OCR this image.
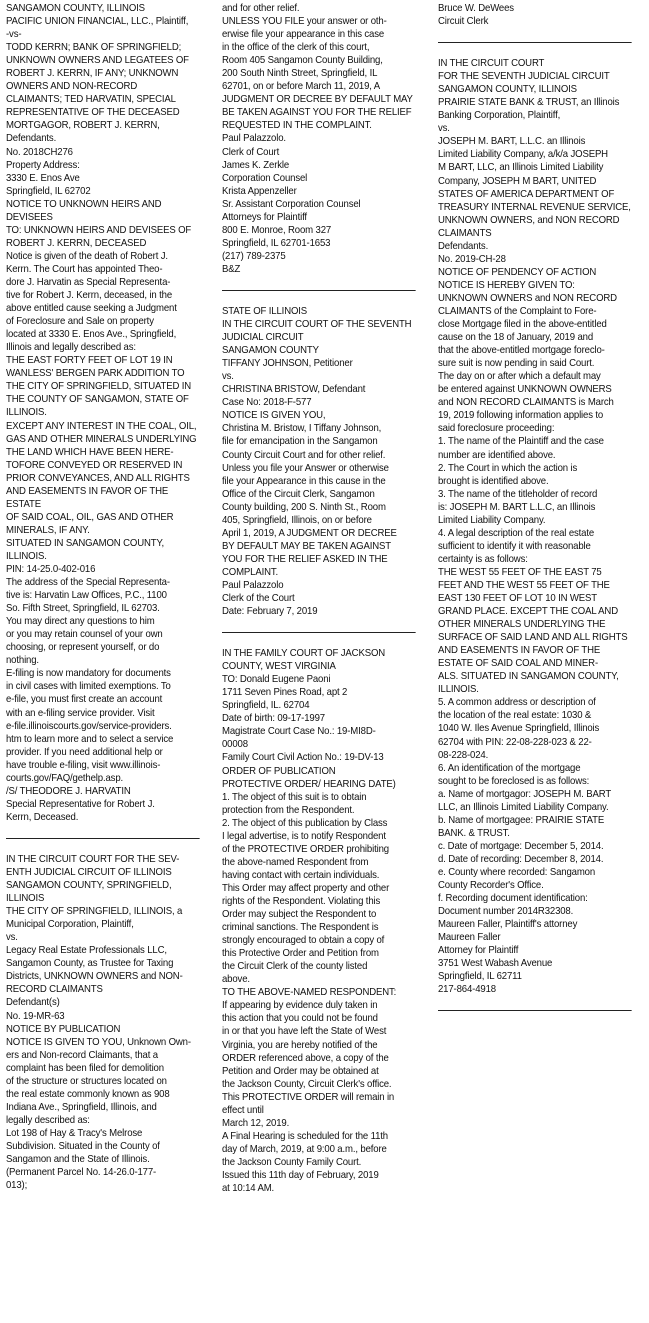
SANGAMON COUNTY, ILLINOIS
PACIFIC UNION FINANCIAL, LLC., Plaintiff,
-vs-
TODD KERRN; BANK OF SPRINGFIELD;
UNKNOWN OWNERS AND LEGATEES OF
ROBERT J. KERRN, IF ANY; UNKNOWN
OWNERS AND NON-RECORD
CLAIMANTS; TED HARVATIN, SPECIAL
REPRESENTATIVE OF THE DECEASED
MORTGAGOR, ROBERT J. KERRN,
Defendants.
No. 2018CH276
Property Address:
3330 E. Enos Ave
Springfield, IL 62702
NOTICE TO UNKNOWN HEIRS AND
DEVISEES
TO: UNKNOWN HEIRS AND DEVISEES OF
ROBERT J. KERRN, DECEASED
Notice is given of the death of Robert J.
Kerrn. The Court has appointed Theo-
dore J. Harvatin as Special Representa-
tive for Robert J. Kerrn, deceased, in the
above entitled cause seeking a Judgment
of Foreclosure and Sale on property
located at 3330 E. Enos Ave., Springfield,
Illinois and legally described as:
THE EAST FORTY FEET OF LOT 19 IN
WANLESS' BERGEN PARK ADDITION TO
THE CITY OF SPRINGFIELD, SITUATED IN
THE COUNTY OF SANGAMON, STATE OF
ILLINOIS.
EXCEPT ANY INTEREST IN THE COAL, OIL,
GAS AND OTHER MINERALS UNDERLYING
THE LAND WHICH HAVE BEEN HERE-
TOFORE CONVEYED OR RESERVED IN
PRIOR CONVEYANCES, AND ALL RIGHTS
AND EASEMENTS IN FAVOR OF THE
ESTATE
OF SAID COAL, OIL, GAS AND OTHER
MINERALS, IF ANY.
SITUATED IN SANGAMON COUNTY,
ILLINOIS.
PIN: 14-25.0-402-016
The address of the Special Representa-
tive is: Harvatin Law Offices, P.C., 1100
So. Fifth Street, Springfield, IL 62703.
You may direct any questions to him
or you may retain counsel of your own
choosing, or represent yourself, or do
nothing.
E-filing is now mandatory for documents
in civil cases with limited exemptions. To
e-file, you must first create an account
with an e-filing service provider. Visit
e-file.illinoiscourts.gov/service-providers.
htm to learn more and to select a service
provider. If you need additional help or
have trouble e-filing, visit www.illinois-
courts.gov/FAQ/gethelp.asp.
/S/ THEODORE J. HARVATIN
Special Representative for Robert J.
Kerrn, Deceased.
IN THE CIRCUIT COURT FOR THE SEV-
ENTH JUDICIAL CIRCUIT OF ILLINOIS
SANGAMON COUNTY, SPRINGFIELD,
ILLINOIS
THE CITY OF SPRINGFIELD, ILLINOIS, a
Municipal Corporation, Plaintiff,
vs.
Legacy Real Estate Professionals LLC,
Sangamon County, as Trustee for Taxing
Districts, UNKNOWN OWNERS and NON-
RECORD CLAIMANTS
Defendant(s)
No. 19-MR-63
NOTICE BY PUBLICATION
NOTICE IS GIVEN TO YOU, Unknown Own-
ers and Non-record Claimants, that a
complaint has been filed for demolition
of the structure or structures located on
the real estate commonly known as 908
Indiana Ave., Springfield, Illinois, and
legally described as:
Lot 198 of Hay & Tracy's Melrose
Subdivision. Situated in the County of
Sangamon and the State of Illinois.
(Permanent Parcel No. 14-26.0-177-
013);
and for other relief.
UNLESS YOU FILE your answer or oth-
erwise file your appearance in this case
in the office of the clerk of this court,
Room 405 Sangamon County Building,
200 South Ninth Street, Springfield, IL
62701, on or before March 11, 2019, A
JUDGMENT OR DECREE BY DEFAULT MAY
BE TAKEN AGAINST YOU FOR THE RELIEF
REQUESTED IN THE COMPLAINT.
Paul Palazzolo.
Clerk of Court
James K. Zerkle
Corporation Counsel
Krista Appenzeller
Sr. Assistant Corporation Counsel
Attorneys for Plaintiff
800 E. Monroe, Room 327
Springfield, IL 62701-1653
(217) 789-2375
B&Z
STATE OF ILLINOIS
IN THE CIRCUIT COURT OF THE SEVENTH
JUDICIAL CIRCUIT
SANGAMON COUNTY
TIFFANY JOHNSON, Petitioner
vs.
CHRISTINA BRISTOW, Defendant
Case No: 2018-F-577
NOTICE IS GIVEN YOU,
Christina M. Bristow, I Tiffany Johnson,
file for emancipation in the Sangamon
County Circuit Court and for other relief.
Unless you file your Answer or otherwise
file your Appearance in this cause in the
Office of the Circuit Clerk, Sangamon
County building, 200 S. Ninth St., Room
405, Springfield, Illinois, on or before
April 1, 2019, A JUDGMENT OR DECREE
BY DEFAULT MAY BE TAKEN AGAINST
YOU FOR THE RELIEF ASKED IN THE
COMPLAINT.
Paul Palazzolo
Clerk of the Court
Date: February 7, 2019
IN THE FAMILY COURT OF JACKSON
COUNTY, WEST VIRGINIA
TO: Donald Eugene Paoni
1711 Seven Pines Road, apt 2
Springfield, IL. 62704
Date of birth: 09-17-1997
Magistrate Court Case No.: 19-MI8D-
00008
Family Court Civil Action No.: 19-DV-13
ORDER OF PUBLICATION
PROTECTIVE ORDER/ HEARING DATE)
1. The object of this suit is to obtain
protection from the Respondent.
2. The object of this publication by Class
I legal advertise, is to notify Respondent
of the PROTECTIVE ORDER prohibiting
the above-named Respondent from
having contact with certain individuals.
This Order may affect property and other
rights of the Respondent. Violating this
Order may subject the Respondent to
criminal sanctions. The Respondent is
strongly encouraged to obtain a copy of
this Protective Order and Petition from
the Circuit Clerk of the county listed
above.
TO THE ABOVE-NAMED RESPONDENT:
If appearing by evidence duly taken in
this action that you could not be found
in or that you have left the State of West
Virginia, you are hereby notified of the
ORDER referenced above, a copy of the
Petition and Order may be obtained at
the Jackson County, Circuit Clerk's office.
This PROTECTIVE ORDER will remain in
effect until
March 12, 2019.
A Final Hearing is scheduled for the 11th
day of March, 2019, at 9:00 a.m., before
the Jackson County Family Court.
Issued this 11th day of February, 2019
at 10:14 AM.
Bruce W. DeWees
Circuit Clerk
IN THE CIRCUIT COURT
FOR THE SEVENTH JUDICIAL CIRCUIT
SANGAMON COUNTY, ILLINOIS
PRAIRIE STATE BANK & TRUST, an Illinois
Banking Corporation, Plaintiff,
vs.
JOSEPH M. BART, L.L.C. an Illinois
Limited Liability Company, a/k/a JOSEPH
M BART, LLC, an Illinois Limited Liability
Company, JOSEPH M BART, UNITED
STATES OF AMERICA DEPARTMENT OF
TREASURY INTERNAL REVENUE SERVICE,
UNKNOWN OWNERS, and NON RECORD
CLAIMANTS
Defendants.
No. 2019-CH-28
NOTICE OF PENDENCY OF ACTION
NOTICE IS HEREBY GIVEN TO:
UNKNOWN OWNERS and NON RECORD
CLAIMANTS of the Complaint to Fore-
close Mortgage filed in the above-entitled
cause on the 18 of January, 2019 and
that the above-entitled mortgage foreclo-
sure suit is now pending in said Court.
The day on or after which a default may
be entered against UNKNOWN OWNERS
and NON RECORD CLAIMANTS is March
19, 2019 following information applies to
said foreclosure proceeding:
1. The name of the Plaintiff and the case
number are identified above.
2. The Court in which the action is
brought is identified above.
3. The name of the titleholder of record
is: JOSEPH M. BART L.L.C, an Illinois
Limited Liability Company.
4. A legal description of the real estate
sufficient to identify it with reasonable
certainty is as follows:
THE WEST 55 FEET OF THE EAST 75
FEET AND THE WEST 55 FEET OF THE
EAST 130 FEET OF LOT 10 IN WEST
GRAND PLACE. EXCEPT THE COAL AND
OTHER MINERALS UNDERLYING THE
SURFACE OF SAID LAND AND ALL RIGHTS
AND EASEMENTS IN FAVOR OF THE
ESTATE OF SAID COAL AND MINER-
ALS. SITUATED IN SANGAMON COUNTY,
ILLINOIS.
5. A common address or description of
the location of the real estate: 1030 &
1040 W. Iles Avenue Springfield, Illinois
62704 with PIN: 22-08-228-023 & 22-
08-228-024.
6. An identification of the mortgage
sought to be foreclosed is as follows:
a. Name of mortgagor: JOSEPH M. BART
LLC, an Illinois Limited Liability Company.
b. Name of mortgagee: PRAIRIE STATE
BANK. & TRUST.
c. Date of mortgage: December 5, 2014.
d. Date of recording: December 8, 2014.
e. County where recorded: Sangamon
County Recorder's Office.
f. Recording document identification:
Document number 2014R32308.
Maureen Faller, Plaintiff's attorney
Maureen Faller
Attorney for Plaintiff
3751 West Wabash Avenue
Springfield, IL 62711
217-864-4918
